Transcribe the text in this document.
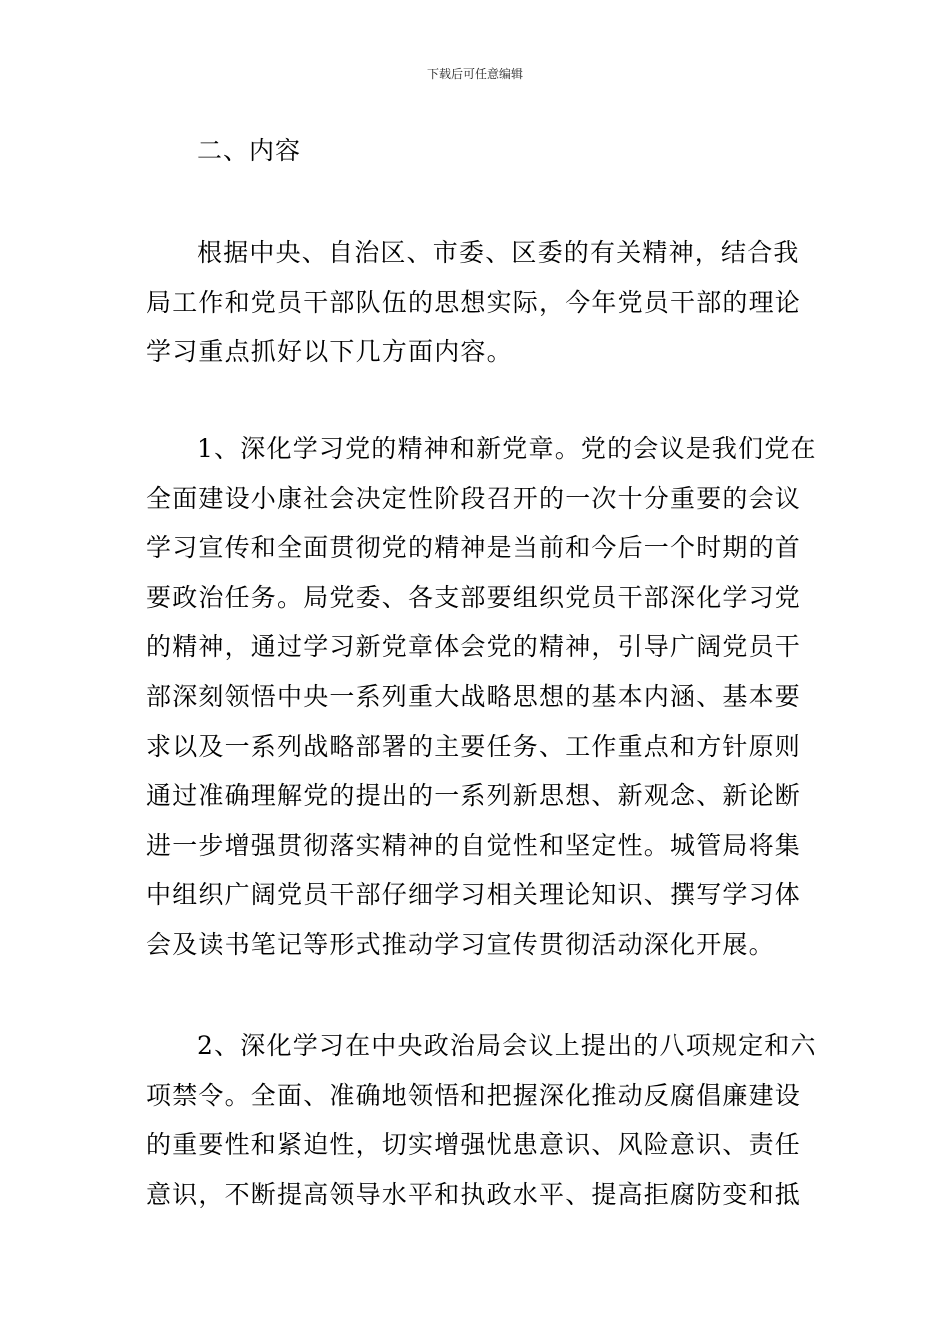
下载后可任意编辑
二、内容
根据中央、自治区、市委、区委的有关精神，结合我
局工作和党员干部队伍的思想实际，今年党员干部的理论
学习重点抓好以下几方面内容。
1、深化学习党的精神和新党章。党的会议是我们党在
全面建设小康社会决定性阶段召开的一次十分重要的会议
学习宣传和全面贯彻党的精神是当前和今后一个时期的首
要政治任务。局党委、各支部要组织党员干部深化学习党
的精神，通过学习新党章体会党的精神，引导广阔党员干
部深刻领悟中央一系列重大战略思想的基本内涵、基本要
求以及一系列战略部署的主要任务、工作重点和方针原则
通过准确理解党的提出的一系列新思想、新观念、新论断
进一步增强贯彻落实精神的自觉性和坚定性。城管局将集
中组织广阔党员干部仔细学习相关理论知识、撰写学习体
会及读书笔记等形式推动学习宣传贯彻活动深化开展。
2、深化学习在中央政治局会议上提出的八项规定和六
项禁令。全面、准确地领悟和把握深化推动反腐倡廉建设
的重要性和紧迫性，切实增强忧患意识、风险意识、责任
意识，不断提高领导水平和执政水平、提高拒腐防变和抵
